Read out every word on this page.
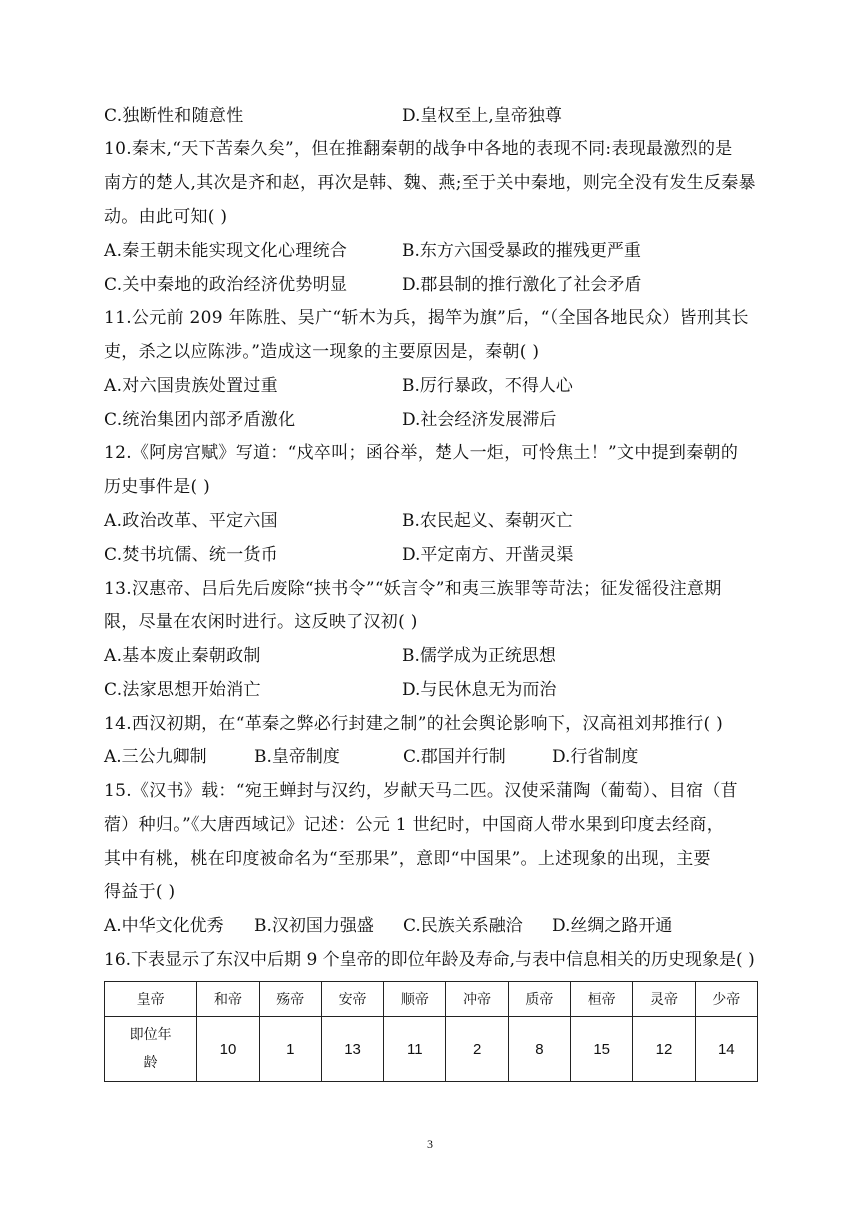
C.独断性和随意性	D.皇权至上,皇帝独尊
10.秦末,“天下苦秦久矣”，但在推翻秦朝的战争中各地的表现不同:表现最激烈的是
南方的楚人,其次是齐和赵，再次是韩、魏、燕;至于关中秦地，则完全没有发生反秦暴
动。由此可知( )
A.秦王朝未能实现文化心理统合	B.东方六国受暴政的摧残更严重
C.关中秦地的政治经济优势明显	D.郡县制的推行激化了社会矛盾
11.公元前 209 年陈胜、吴广“斩木为兵，揭竿为旗”后，“（全国各地民众）皆刑其长
吏，杀之以应陈涉。”造成这一现象的主要原因是，秦朝( )
A.对六国贵族处置过重	B.厉行暴政，不得人心
C.统治集团内部矛盾激化	D.社会经济发展滞后
12.《阿房宫赋》写道：“戍卒叫；函谷举，楚人一炬，可怜焦土！”文中提到秦朝的
历史事件是( )
A.政治改革、平定六国	B.农民起义、秦朝灭亡
C.焚书坑儒、统一货币	D.平定南方、开凿灵渠
13.汉惠帝、吕后先后废除“挟书令”“妖言令”和夷三族罪等苛法；征发徭役注意期
限，尽量在农闲时进行。这反映了汉初( )
A.基本废止秦朝政制	B.儒学成为正统思想
C.法家思想开始消亡	D.与民休息无为而治
14.西汉初期，在“革秦之弊必行封建之制”的社会舆论影响下，汉高祖刘邦推行( )
A.三公九卿制	B.皇帝制度	C.郡国并行制	D.行省制度
15.《汉书》载：“宛王蝉封与汉约，岁献天马二匹。汉使采蒲陶（葡萄）、目宿（苜
蓿）种归。”《大唐西域记》记述：公元 1 世纪时，中国商人带水果到印度去经商，
其中有桃，桃在印度被命名为“至那果”，意即“中国果”。上述现象的出现，主要
得益于( )
A.中华文化优秀 B.汉初国力强盛 C.民族关系融洽 D.丝绸之路开通
16.下表显示了东汉中后期 9 个皇帝的即位年龄及寿命,与表中信息相关的历史现象是( )
皇帝	和帝	殇帝	安帝	顺帝	冲帝	质帝	桓帝	灵帝	少帝

即位年
龄	10	1	13	11	2	8	15	12	14
3
